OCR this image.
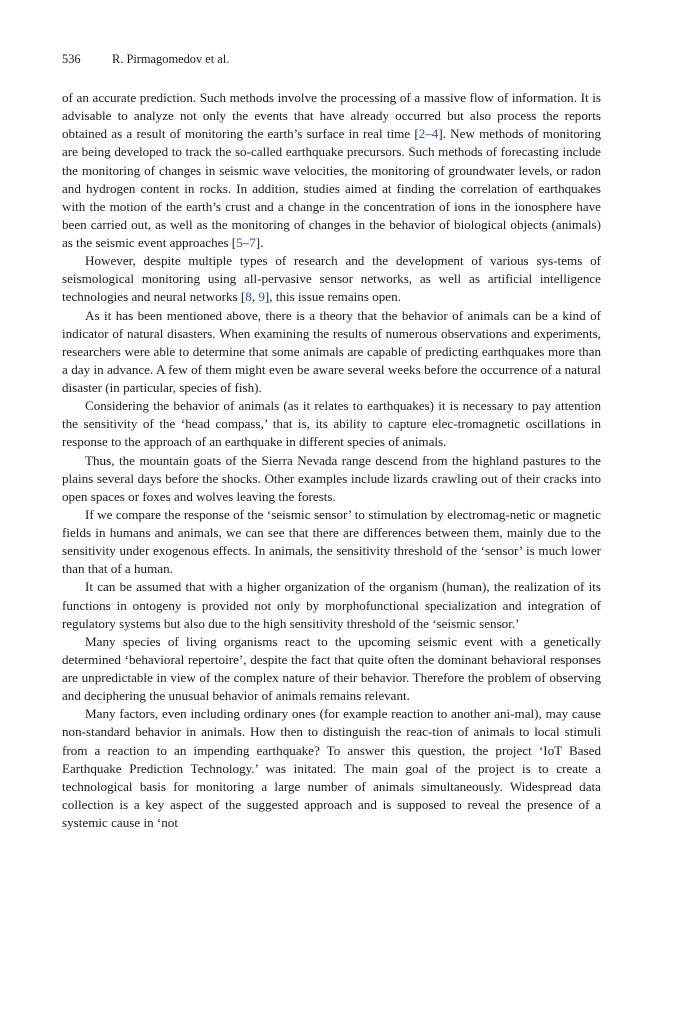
536	R. Pirmagomedov et al.

of an accurate prediction. Such methods involve the processing of a massive flow of information. It is advisable to analyze not only the events that have already occurred but also process the reports obtained as a result of monitoring the earth’s surface in real time [2–4]. New methods of monitoring are being developed to track the so-called earthquake precursors. Such methods of forecasting include the monitoring of changes in seismic wave velocities, the monitoring of groundwater levels, or radon and hydrogen content in rocks. In addition, studies aimed at finding the correlation of earthquakes with the motion of the earth’s crust and a change in the concentration of ions in the ionosphere have been carried out, as well as the monitoring of changes in the behavior of biological objects (animals) as the seismic event approaches [5–7].

However, despite multiple types of research and the development of various sys-tems of seismological monitoring using all-pervasive sensor networks, as well as artificial intelligence technologies and neural networks [8, 9], this issue remains open.

As it has been mentioned above, there is a theory that the behavior of animals can be a kind of indicator of natural disasters. When examining the results of numerous observations and experiments, researchers were able to determine that some animals are capable of predicting earthquakes more than a day in advance. A few of them might even be aware several weeks before the occurrence of a natural disaster (in particular, species of fish).

Considering the behavior of animals (as it relates to earthquakes) it is necessary to pay attention the sensitivity of the ‘head compass,’ that is, its ability to capture elec-tromagnetic oscillations in response to the approach of an earthquake in different species of animals.

Thus, the mountain goats of the Sierra Nevada range descend from the highland pastures to the plains several days before the shocks. Other examples include lizards crawling out of their cracks into open spaces or foxes and wolves leaving the forests.

If we compare the response of the ‘seismic sensor’ to stimulation by electromag-netic or magnetic fields in humans and animals, we can see that there are differences between them, mainly due to the sensitivity under exogenous effects. In animals, the sensitivity threshold of the ‘sensor’ is much lower than that of a human.

It can be assumed that with a higher organization of the organism (human), the realization of its functions in ontogeny is provided not only by morphofunctional specialization and integration of regulatory systems but also due to the high sensitivity threshold of the ‘seismic sensor.’

Many species of living organisms react to the upcoming seismic event with a genetically determined ‘behavioral repertoire’, despite the fact that quite often the dominant behavioral responses are unpredictable in view of the complex nature of their behavior. Therefore the problem of observing and deciphering the unusual behavior of animals remains relevant.

Many factors, even including ordinary ones (for example reaction to another ani-mal), may cause non-standard behavior in animals. How then to distinguish the reac-tion of animals to local stimuli from a reaction to an impending earthquake? To answer this question, the project ‘IoT Based Earthquake Prediction Technology.’ was initated. The main goal of the project is to create a technological basis for monitoring a large number of animals simultaneously. Widespread data collection is a key aspect of the suggested approach and is supposed to reveal the presence of a systemic cause in ‘not
